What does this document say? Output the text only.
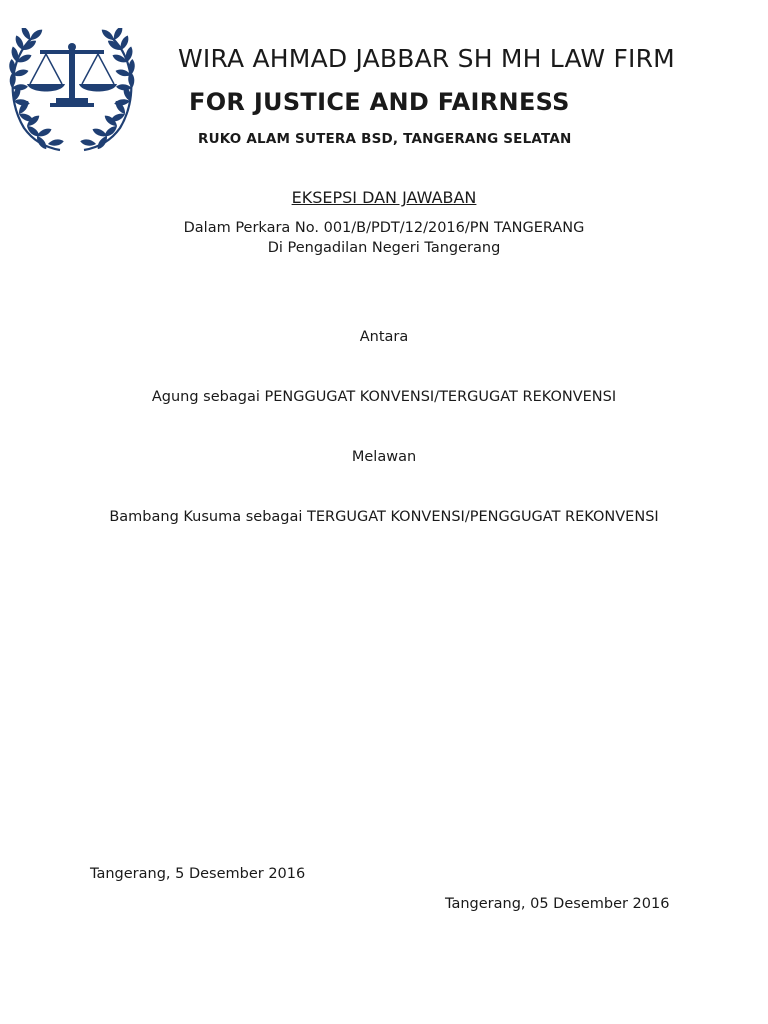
WIRA AHMAD JABBAR SH MH LAW FIRM
FOR JUSTICE AND FAIRNESS
RUKO ALAM SUTERA BSD, TANGERANG SELATAN
EKSEPSI DAN JAWABAN
Dalam Perkara No. 001/B/PDT/12/2016/PN TANGERANG
Di Pengadilan Negeri Tangerang
Antara
Agung sebagai PENGGUGAT KONVENSI/TERGUGAT REKONVENSI
Melawan
Bambang Kusuma sebagai TERGUGAT KONVENSI/PENGGUGAT REKONVENSI
Tangerang, 5 Desember 2016
Tangerang, 05 Desember 2016
